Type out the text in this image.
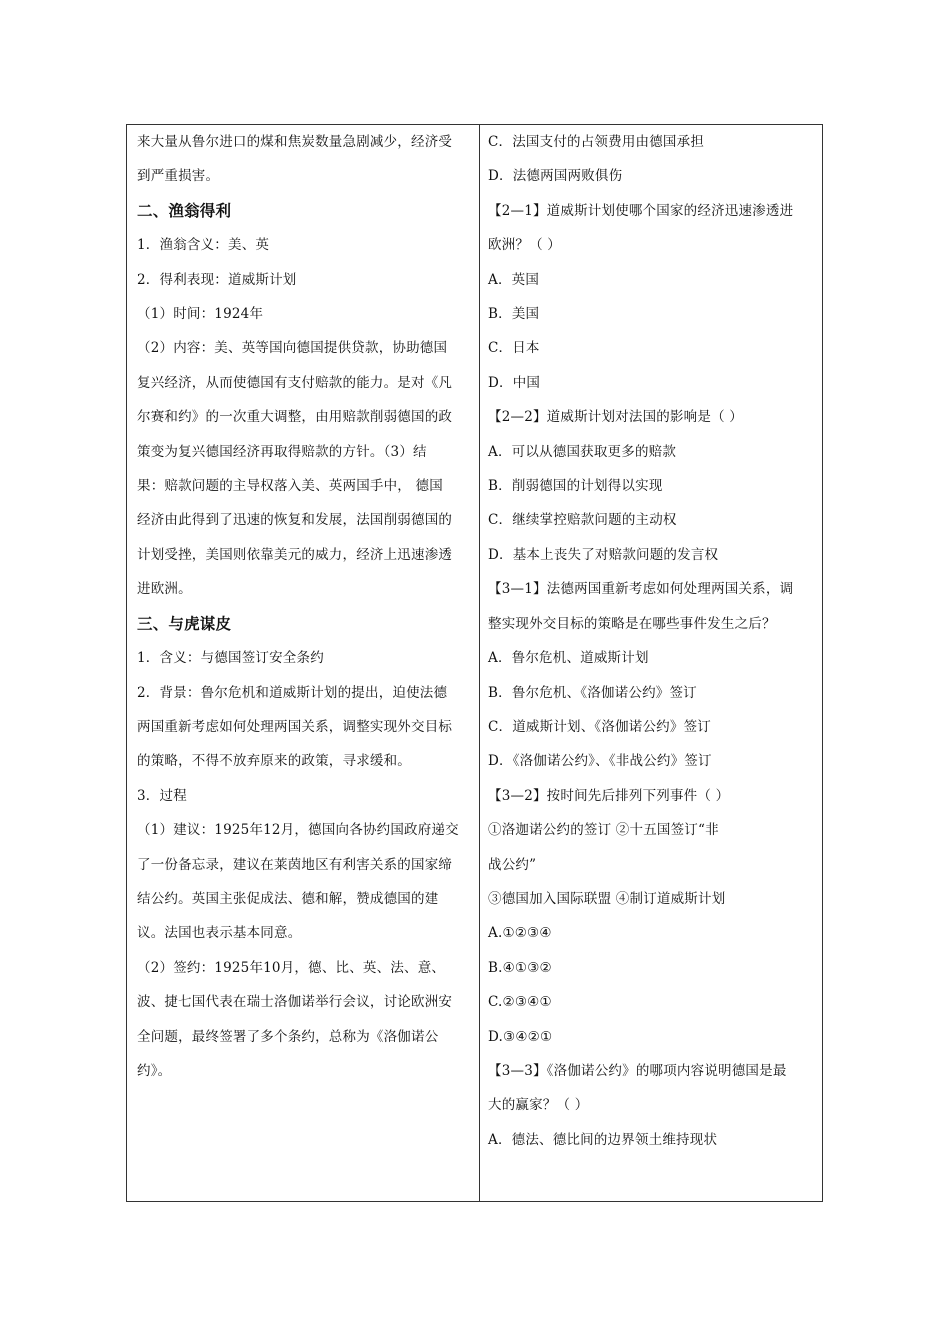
来大量从鲁尔进口的煤和焦炭数量急剧减少，经济受
到严重损害。
二、渔翁得利
1．渔翁含义：美、英
2．得利表现：道威斯计划
（1）时间：1924年
（2）内容：美、英等国向德国提供贷款，协助德国
复兴经济，从而使德国有支付赔款的能力。是对《凡
尔赛和约》的一次重大调整，由用赔款削弱德国的政
策变为复兴德国经济再取得赔款的方针。（3）结
果：赔款问题的主导权落入美、英两国手中， 德国
经济由此得到了迅速的恢复和发展，法国削弱德国的
计划受挫，美国则依靠美元的威力，经济上迅速渗透
进欧洲。
三、与虎谋皮
1．含义：与德国签订安全条约
2．背景：鲁尔危机和道威斯计划的提出，迫使法德
两国重新考虑如何处理两国关系，调整实现外交目标
的策略，不得不放弃原来的政策，寻求缓和。
3．过程
（1）建议：1925年12月，德国向各协约国政府递交
了一份备忘录，建议在莱茵地区有利害关系的国家缔
结公约。英国主张促成法、德和解，赞成德国的建
议。法国也表示基本同意。
（2）签约：1925年10月，德、比、英、法、意、
波、捷七国代表在瑞士洛伽诺举行会议，讨论欧洲安
全问题，最终签署了多个条约，总称为《洛伽诺公
约》。
C．法国支付的占领费用由德国承担
D．法德两国两败俱伤
【2—1】道威斯计划使哪个国家的经济迅速渗透进
欧洲？（ ）
A．英国
B．美国
C．日本
D．中国
【2—2】道威斯计划对法国的影响是（ ）
A．可以从德国获取更多的赔款
B．削弱德国的计划得以实现
C．继续掌控赔款问题的主动权
D．基本上丧失了对赔款问题的发言权
【3—1】法德两国重新考虑如何处理两国关系，调
整实现外交目标的策略是在哪些事件发生之后？
A．鲁尔危机、道威斯计划
B．鲁尔危机、《洛伽诺公约》签订
C．道威斯计划、《洛伽诺公约》签订
D．《洛伽诺公约》、《非战公约》签订
【3—2】按时间先后排列下列事件（ ）
①洛迦诺公约的签订 ②十五国签订“非
战公约”
③德国加入国际联盟 ④制订道威斯计划
A.①②③④
B.④①③②
C.②③④①
D.③④②①
【3—3】《洛伽诺公约》的哪项内容说明德国是最
大的赢家？（ ）
A．德法、德比间的边界领土维持现状
